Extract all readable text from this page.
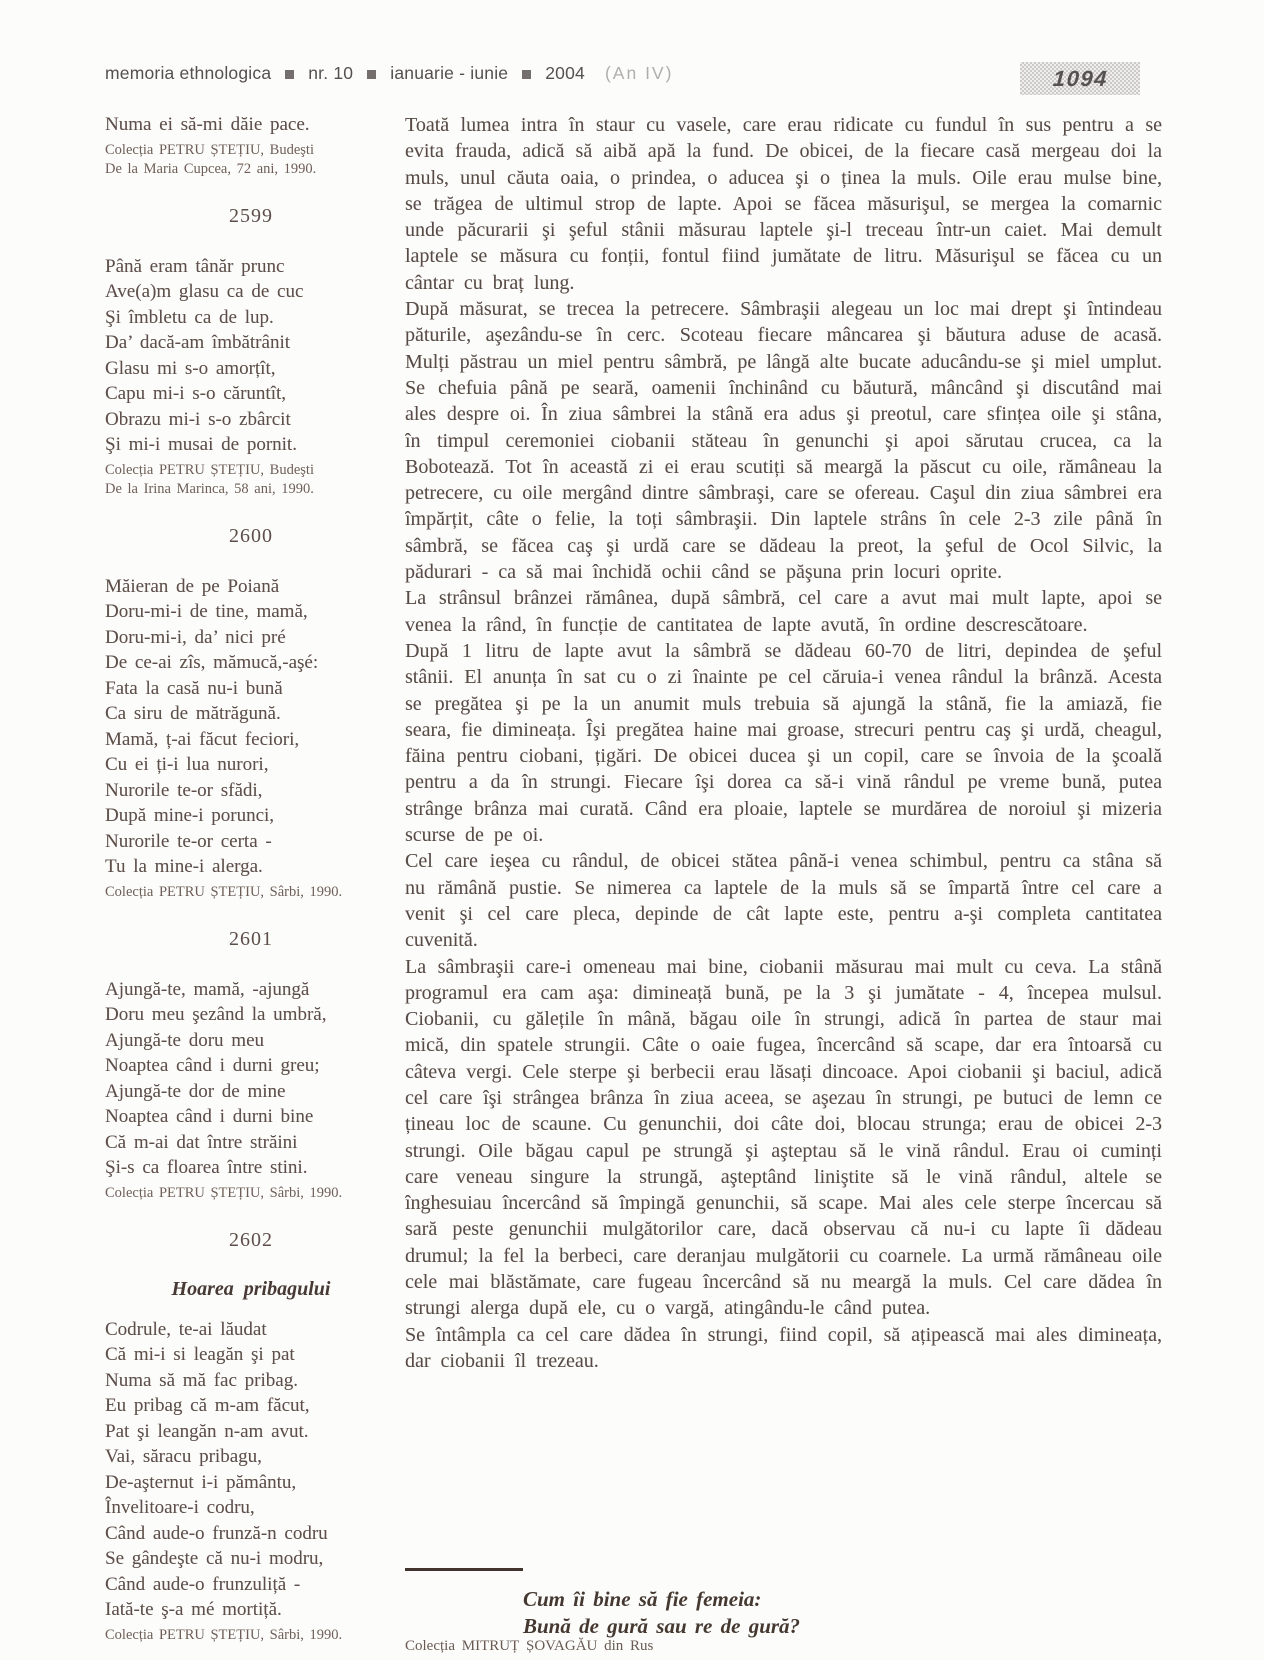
memoria ethnologica nr. 10 ianuarie - iunie 2004 (An IV)	1094
Numa ei să-mi dăie pace.
Colecția PETRU ȘTEȚIU, Budeşti
De la Maria Cupcea, 72 ani, 1990.
2599
Până eram tânăr prunc
Ave(a)m glasu ca de cuc
Şi îmbletu ca de lup.
Da’ dacă-am îmbătrânit
Glasu mi s-o amorțît,
Capu mi-i s-o căruntît,
Obrazu mi-i s-o zbârcit
Şi mi-i musai de pornit.
Colecția PETRU ȘTEȚIU, Budeşti
De la Irina Marinca, 58 ani, 1990.
2600
Măieran de pe Poiană
Doru-mi-i de tine, mamă,
Doru-mi-i, da’ nici pré
De ce-ai zîs, mămucă,-aşé:
Fata la casă nu-i bună
Ca siru de mătrăgună.
Mamă, ț-ai făcut feciori,
Cu ei ți-i lua nurori,
Nurorile te-or sfădi,
După mine-i porunci,
Nurorile te-or certa -
Tu la mine-i alerga.
Colecția PETRU ȘTEȚIU, Sârbi, 1990.
2601
Ajungă-te, mamă, -ajungă
Doru meu şezând la umbră,
Ajungă-te doru meu
Noaptea când i durni greu;
Ajungă-te dor de mine
Noaptea când i durni bine
Că m-ai dat între străini
Şi-s ca floarea între stini.
Colecția PETRU ȘTEȚIU, Sârbi, 1990.
2602
Hoarea pribagului
Codrule, te-ai lăudat
Că mi-i si leagăn şi pat
Numa să mă fac pribag.
Eu pribag că m-am făcut,
Pat şi leangăn n-am avut.
Vai, săracu pribagu,
De-aşternut i-i pământu,
Învelitoare-i codru,
Când aude-o frunză-n codru
Se gândeşte că nu-i modru,
Când aude-o frunzuliță -
Iată-te ş-a mé mortiță.
Colecția PETRU ȘTEȚIU, Sârbi, 1990.

Toată lumea intra în staur cu vasele, care erau ridicate cu fundul în sus pentru a se evita frauda, adică să aibă apă la fund. De obicei, de la fiecare casă mergeau doi la muls, unul căuta oaia, o prindea, o aducea şi o ținea la muls. Oile erau mulse bine, se trăgea de ultimul strop de lapte. Apoi se făcea măsurişul, se mergea la comarnic unde păcurarii şi şeful stânii măsurau laptele şi-l treceau într-un caiet. Mai demult laptele se măsura cu fonții, fontul fiind jumătate de litru. Măsurişul se făcea cu un cântar cu braț lung.

După măsurat, se trecea la petrecere. Sâmbraşii alegeau un loc mai drept şi întindeau păturile, aşezându-se în cerc. Scoteau fiecare mâncarea şi băutura aduse de acasă. Mulți păstrau un miel pentru sâmbră, pe lângă alte bucate aducându-se şi miel umplut. Se chefuia până pe seară, oamenii închinând cu băutură, mâncând şi discutând mai ales despre oi. În ziua sâmbrei la stână era adus şi preotul, care sfințea oile şi stâna, în timpul ceremoniei ciobanii stăteau în genunchi şi apoi sărutau crucea, ca la Bobotează. Tot în această zi ei erau scutiți să meargă la păscut cu oile, rămâneau la petrecere, cu oile mergând dintre sâmbraşi, care se ofereau. Caşul din ziua sâmbrei era împărțit, câte o felie, la toți sâmbraşii. Din laptele strâns în cele 2-3 zile până în sâmbră, se făcea caş şi urdă care se dădeau la preot, la şeful de Ocol Silvic, la pădurari - ca să mai închidă ochii când se păşuna prin locuri oprite.

La strânsul brânzei rămânea, după sâmbră, cel care a avut mai mult lapte, apoi se venea la rând, în funcție de cantitatea de lapte avută, în ordine descrescătoare.

După 1 litru de lapte avut la sâmbră se dădeau 60-70 de litri, depindea de şeful stânii. El anunța în sat cu o zi înainte pe cel căruia-i venea rândul la brânză. Acesta se pregătea şi pe la un anumit muls trebuia să ajungă la stână, fie la amiază, fie seara, fie dimineața. Îşi pregătea haine mai groase, strecuri pentru caş şi urdă, cheagul, făina pentru ciobani, țigări. De obicei ducea şi un copil, care se învoia de la şcoală pentru a da în strungi. Fiecare îşi dorea ca să-i vină rândul pe vreme bună, putea strânge brânza mai curată. Când era ploaie, laptele se murdărea de noroiul şi mizeria scurse de pe oi.

Cel care ieşea cu rândul, de obicei stătea până-i venea schimbul, pentru ca stâna să nu rămână pustie. Se nimerea ca laptele de la muls să se împartă între cel care a venit şi cel care pleca, depinde de cât lapte este, pentru a-şi completa cantitatea cuvenită.

La sâmbraşii care-i omeneau mai bine, ciobanii măsurau mai mult cu ceva. La stână programul era cam aşa: dimineață bună, pe la 3 şi jumătate - 4, începea mulsul. Ciobanii, cu gălețile în mână, băgau oile în strungi, adică în partea de staur mai mică, din spatele strungii. Câte o oaie fugea, încercând să scape, dar era întoarsă cu câteva vergi. Cele sterpe şi berbecii erau lăsați dincoace. Apoi ciobanii şi baciul, adică cel care îşi strângea brânza în ziua aceea, se aşezau în strungi, pe butuci de lemn ce țineau loc de scaune. Cu genunchii, doi câte doi, blocau strunga; erau de obicei 2-3 strungi. Oile băgau capul pe strungă şi aşteptau să le vină rândul. Erau oi cuminți care veneau singure la strungă, aşteptând liniştite să le vină rândul, altele se înghesuiau încercând să împingă genunchii, să scape. Mai ales cele sterpe încercau să sară peste genunchii mulgătorilor care, dacă observau că nu-i cu lapte îi dădeau drumul; la fel la berbeci, care deranjau mulgătorii cu coarnele. La urmă rămâneau oile cele mai blăstămate, care fugeau încercând să nu meargă la muls. Cel care dădea în strungi alerga după ele, cu o vargă, atingându-le când putea.

Se întâmpla ca cel care dădea în strungi, fiind copil, să ațipească mai ales dimineața, dar ciobanii îl trezeau.

Cum îi bine să fie femeia:
Bună de gură sau re de gură?
Colecția MITRUȚ ȘOVAGĂU din Rus
